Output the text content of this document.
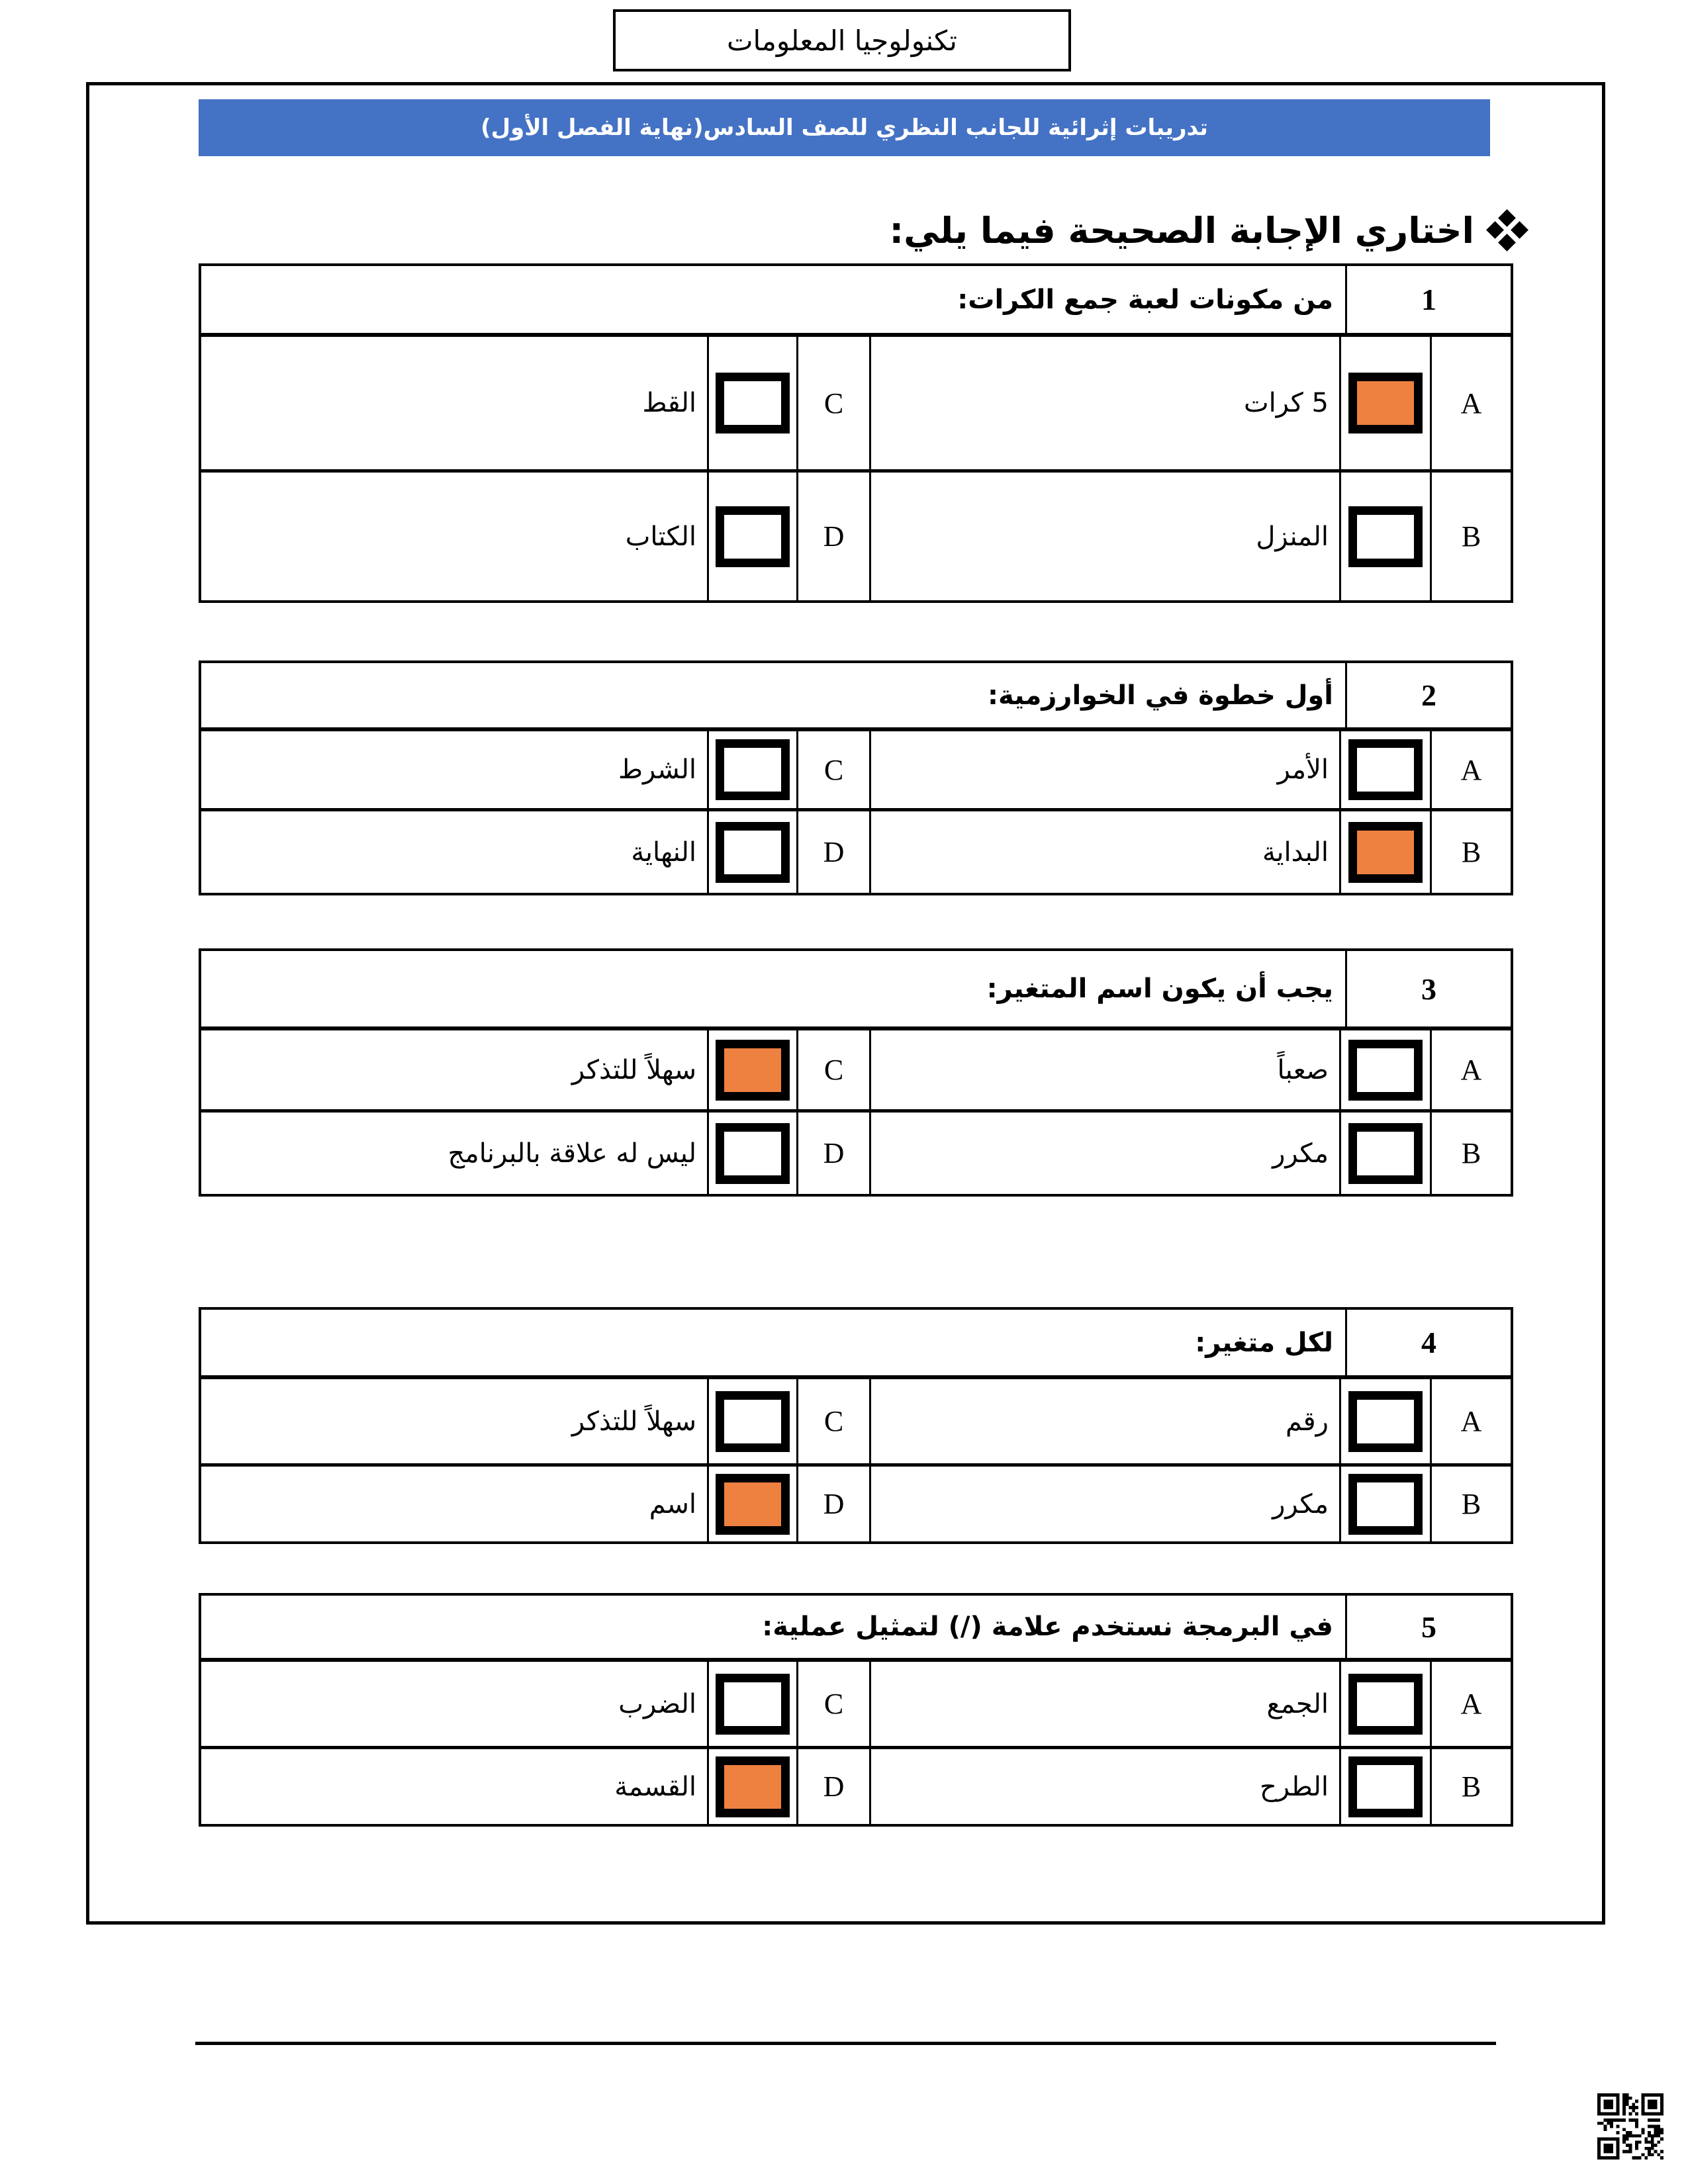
تكنولوجيا المعلومات
تدريبات إثرائية للجانب النظري للصف السادس(نهاية الفصل الأول)
اختاري الإجابة الصحيحة فيما يلي:
1
من مكونات لعبة جمع الكرات:
A
5 كرات
C
القط
B
المنزل
D
الكتاب
2
أول خطوة في الخوارزمية:
A
الأمر
C
الشرط
B
البداية
D
النهاية
3
يجب أن يكون اسم المتغير:
A
صعباً
C
سهلاً للتذكر
B
مكرر
D
ليس له علاقة بالبرنامج
4
لكل متغير:
A
رقم
C
سهلاً للتذكر
B
مكرر
D
اسم
5
في البرمجة نستخدم علامة (/) لتمثيل عملية:
A
الجمع
C
الضرب
B
الطرح
D
القسمة
